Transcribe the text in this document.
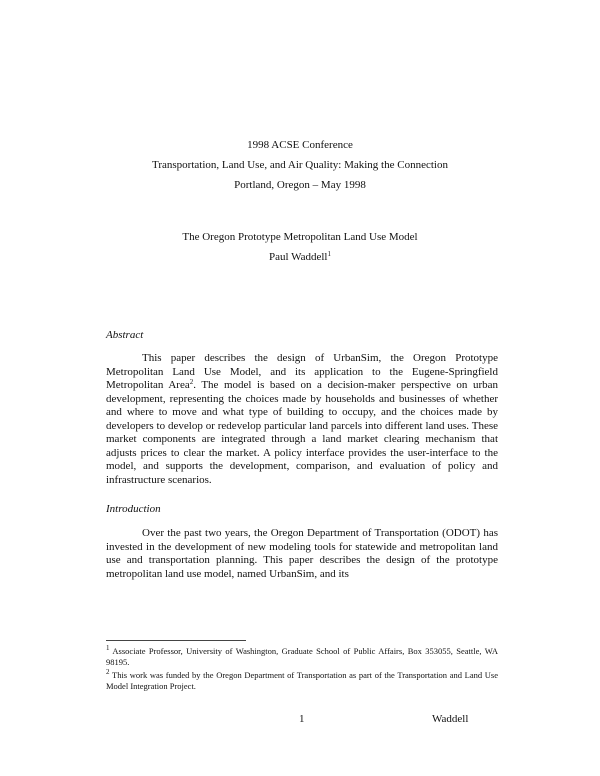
1998 ACSE Conference
Transportation, Land Use, and Air Quality: Making the Connection
Portland, Oregon – May 1998
The Oregon Prototype Metropolitan Land Use Model
Paul Waddell$^1$
Abstract
This paper describes the design of UrbanSim, the Oregon Prototype Metropolitan Land Use Model, and its application to the Eugene-Springfield Metropolitan Area$^2$. The model is based on a decision-maker perspective on urban development, representing the choices made by households and businesses of whether and where to move and what type of building to occupy, and the choices made by developers to develop or redevelop particular land parcels into different land uses. These market components are integrated through a land market clearing mechanism that adjusts prices to clear the market. A policy interface provides the user-interface to the model, and supports the development, comparison, and evaluation of policy and infrastructure scenarios.
Introduction
Over the past two years, the Oregon Department of Transportation (ODOT) has invested in the development of new modeling tools for statewide and metropolitan land use and transportation planning. This paper describes the design of the prototype metropolitan land use model, named UrbanSim, and its
$^1$ Associate Professor, University of Washington, Graduate School of Public Affairs, Box 353055, Seattle, WA 98195.
$^2$ This work was funded by the Oregon Department of Transportation as part of the Transportation and Land Use Model Integration Project.
1	Waddell
